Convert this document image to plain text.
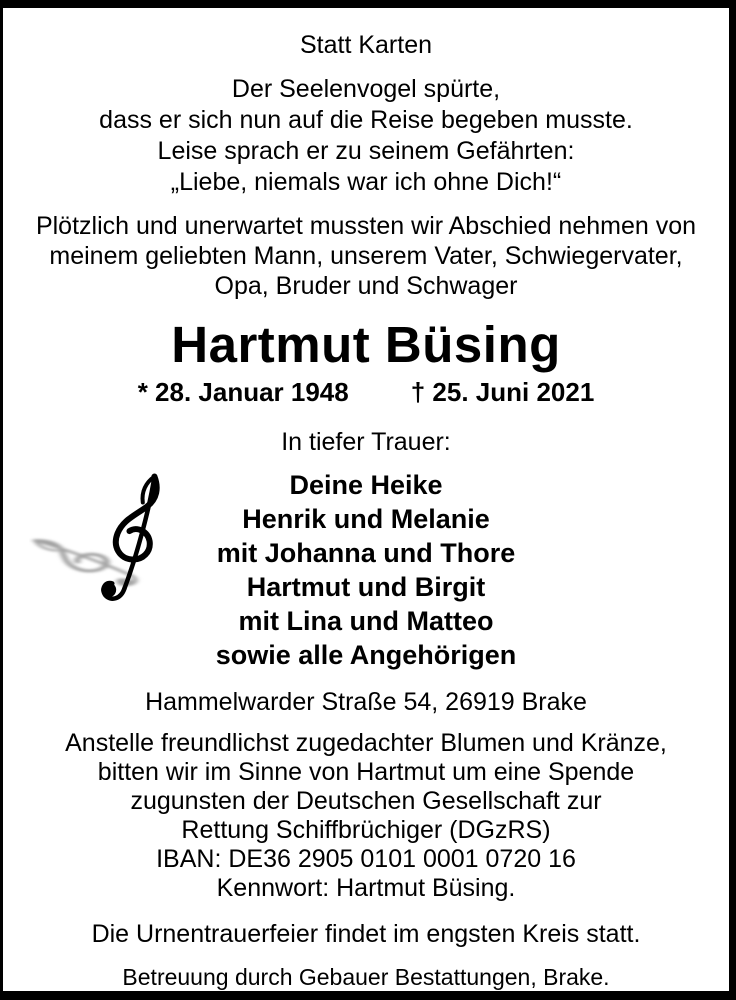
Statt Karten
Der Seelenvogel spürte,
dass er sich nun auf die Reise begeben musste.
Leise sprach er zu seinem Gefährten:
„Liebe, niemals war ich ohne Dich!“
Plötzlich und unerwartet mussten wir Abschied nehmen von
meinem geliebten Mann, unserem Vater, Schwiegervater,
Opa, Bruder und Schwager
Hartmut Büsing
* 28. Januar 1948 † 25. Juni 2021
In tiefer Trauer:
Deine Heike
Henrik und Melanie
mit Johanna und Thore
Hartmut und Birgit
mit Lina und Matteo
sowie alle Angehörigen
Hammelwarder Straße 54, 26919 Brake
Anstelle freundlichst zugedachter Blumen und Kränze,
bitten wir im Sinne von Hartmut um eine Spende
zugunsten der Deutschen Gesellschaft zur
Rettung Schiffbrüchiger (DGzRS)
IBAN: DE36 2905 0101 0001 0720 16
Kennwort: Hartmut Büsing.
Die Urnentrauerfeier findet im engsten Kreis statt.
Betreuung durch Gebauer Bestattungen, Brake.
